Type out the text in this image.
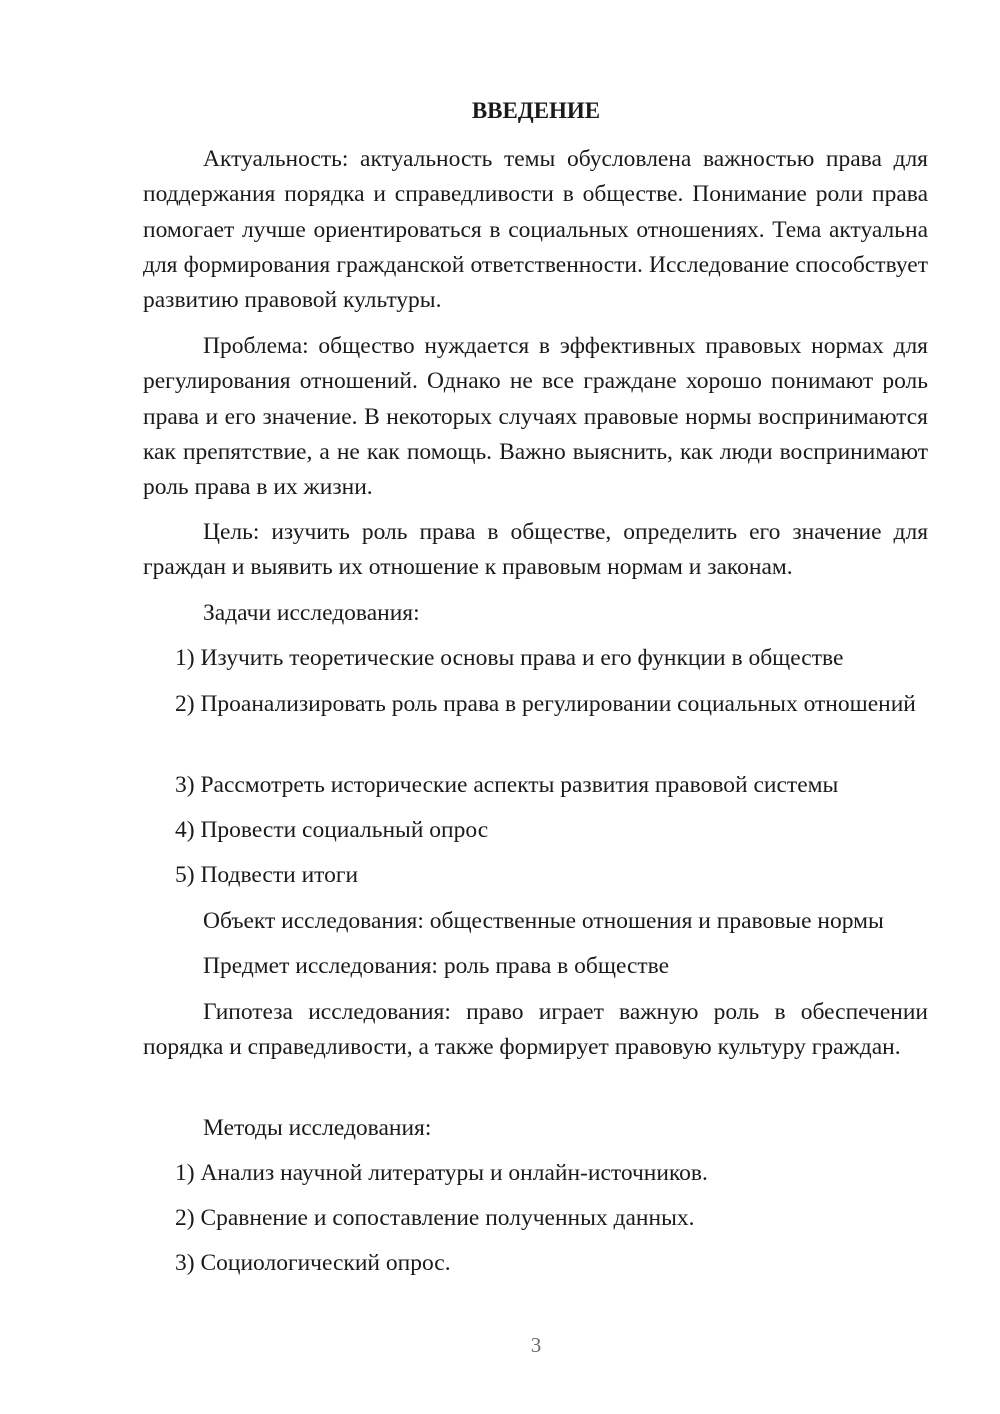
ВВЕДЕНИЕ

Актуальность: актуальность темы обусловлена важностью права для поддержания порядка и справедливости в обществе. Понимание роли права помогает лучше ориентироваться в социальных отношениях. Тема актуальна для формирования гражданской ответственности. Исследование способствует развитию правовой культуры.

Проблема: общество нуждается в эффективных правовых нормах для регулирования отношений. Однако не все граждане хорошо понимают роль права и его значение. В некоторых случаях правовые нормы воспринимаются как препятствие, а не как помощь. Важно выяснить, как люди воспринимают роль права в их жизни.

Цель: изучить роль права в обществе, определить его значение для граждан и выявить их отношение к правовым нормам и законам.

Задачи исследования:

1) Изучить теоретические основы права и его функции в обществе

2) Проанализировать роль права в регулировании социальных отношений

3) Рассмотреть исторические аспекты развития правовой системы

4) Провести социальный опрос

5) Подвести итоги

Объект исследования: общественные отношения и правовые нормы

Предмет исследования: роль права в обществе

Гипотеза исследования: право играет важную роль в обеспечении порядка и справедливости, а также формирует правовую культуру граждан.

Методы исследования:

1) Анализ научной литературы и онлайн-источников.

2) Сравнение и сопоставление полученных данных.

3) Социологический опрос.

3
